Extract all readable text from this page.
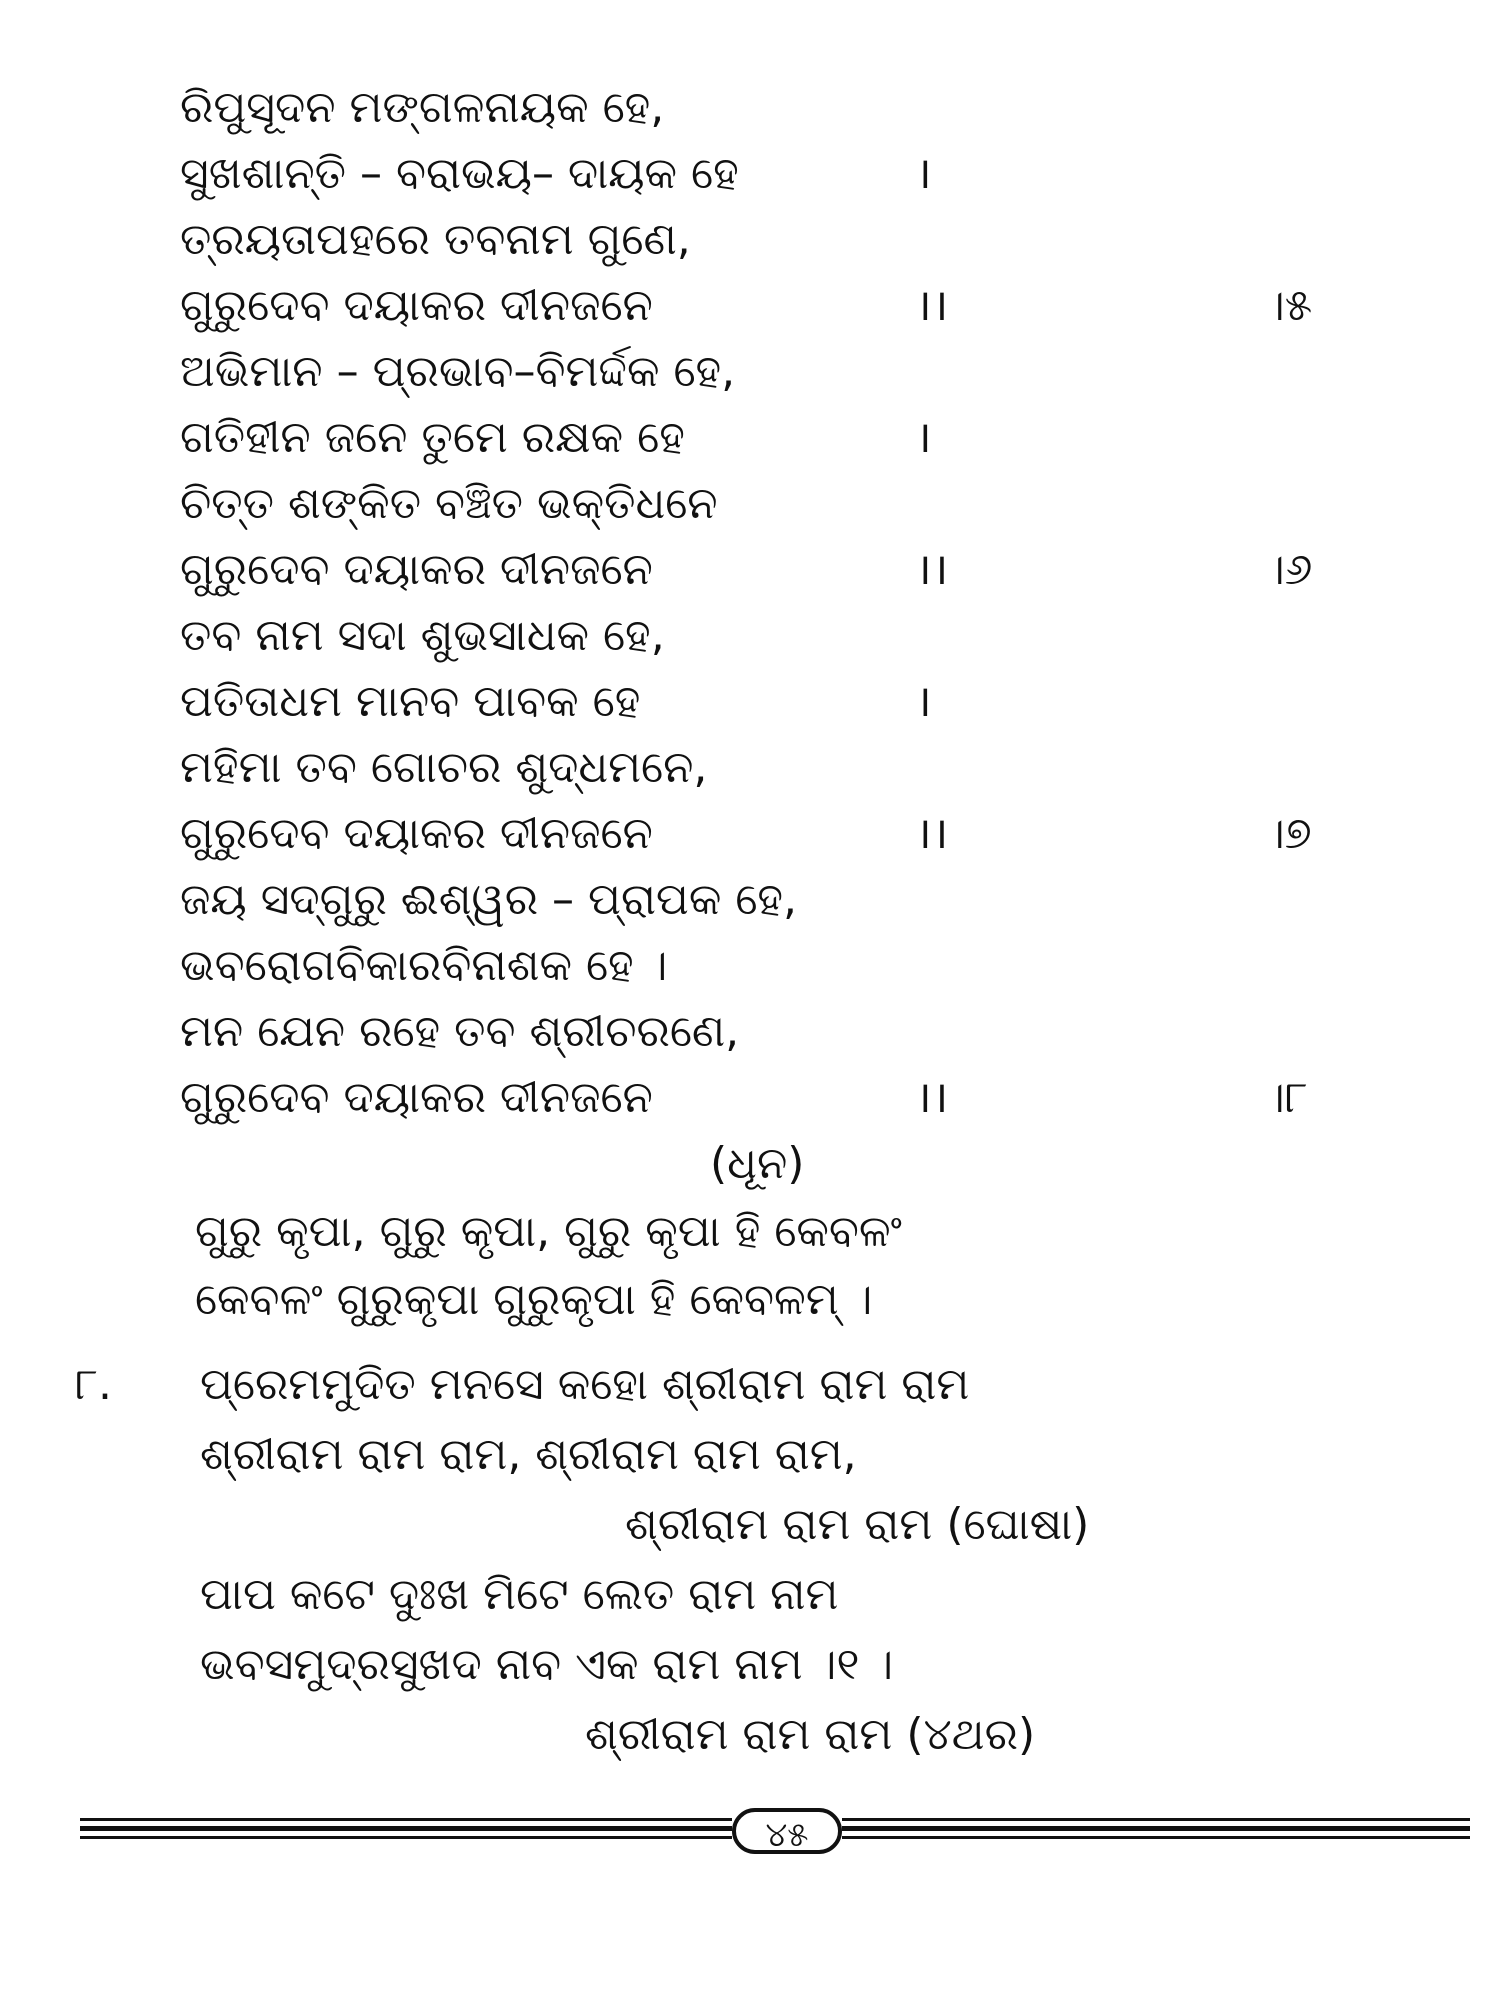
ରିପୁସୂଦନ ମଙ୍ଗଳନାୟକ ହେ,
ସୁଖଶାନ୍ତି – ବରାଭୟ– ଦାୟକ ହେ	।
ତ୍ରୟତାପହରେ ତବନାମ ଗୁଣେ,
ଗୁରୁଦେବ ଦୟାକର ଦୀନଜନେ	।।	।୫
ଅଭିମାନ – ପ୍ରଭାବ–ବିମର୍ଦ୍ଦକ ହେ,
ଗତିହୀନ ଜନେ ତୁମେ ରକ୍ଷକ ହେ	।
ଚିତ୍ତ ଶଙ୍କିତ ବଞ୍ଚିତ ଭକ୍ତିଧନେ
ଗୁରୁଦେବ ଦୟାକର ଦୀନଜନେ	।।	।୬
ତବ ନାମ ସଦା ଶୁଭସାଧକ ହେ,
ପତିତାଧମ ମାନବ ପାବକ ହେ	।
ମହିମା ତବ ଗୋଚର ଶୁଦ୍ଧମନେ,
ଗୁରୁଦେବ ଦୟାକର ଦୀନଜନେ	।।	।୭
ଜୟ ସଦ୍‌ଗୁରୁ ଈଶ୍ୱର – ପ୍ରାପକ ହେ,
ଭବରୋଗବିକାରବିନାଶକ ହେ ।
ମନ ଯେନ ରହେ ତବ ଶ୍ରୀଚରଣେ,
ଗୁରୁଦେବ ଦୟାକର ଦୀନଜନେ	।।	।୮
(ଧୂନ)
ଗୁରୁ କୃପା, ଗୁରୁ କୃପା, ଗୁରୁ କୃପା ହି କେବଳଂ
କେବଳଂ ଗୁରୁକୃପା ଗୁରୁକୃପା ହି କେବଳମ୍ ।
୮.	ପ୍ରେମମୁଦିତ ମନସେ କହୋ ଶ୍ରୀରାମ ରାମ ରାମ
ଶ୍ରୀରାମ ରାମ ରାମ, ଶ୍ରୀରାମ ରାମ ରାମ,
ଶ୍ରୀରାମ ରାମ ରାମ (ଘୋଷା)
ପାପ କଟେ ଦୁଃଖ ମିଟେ ଲେତ ରାମ ନାମ
ଭବସମୁଦ୍ରସୁଖଦ ନାବ ଏକ ରାମ ନାମ ।୧ ।
ଶ୍ରୀରାମ ରାମ ରାମ (୪ଥର)
୪୫
